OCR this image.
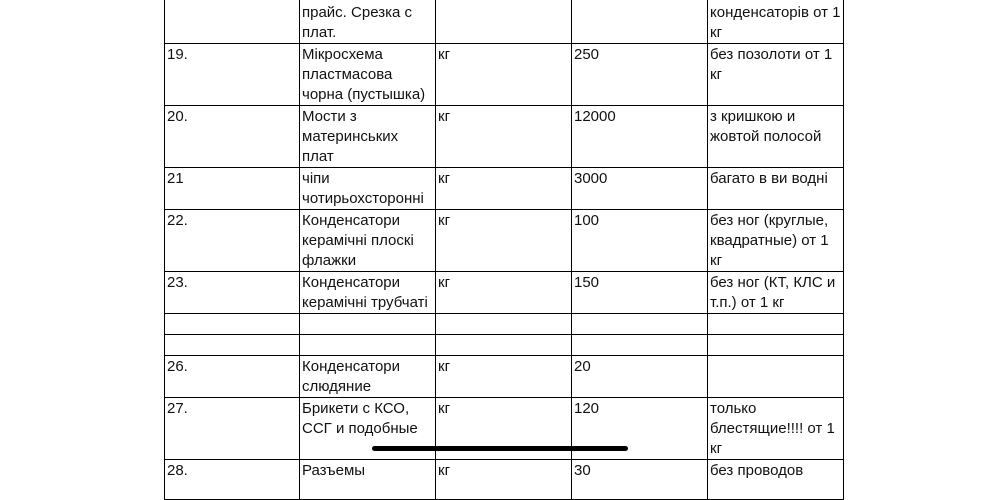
	прайс. Срезка с плат.			конденсаторів от 1 кг

19.	Мікросхема пластмасова чорна (пустышка)	кг	250	без позолоти от 1 кг
20.	Мости з материнських плат	кг	12000	з кришкою и жовтой полосой
21	чіпи чотирьохсторонні	кг	3000	багато в ви водні
22.	Конденсатори керамічні плоскі флажки	кг	100	без ног (круглые, квадратные) от 1 кг
23.	Конденсатори керамічні трубчаті	кг	150	без ног (КТ, КЛС и т.п.) от 1 кг

26.	Конденсатори слюдяние	кг	20	
27.	Брикети с КСО, ССГ и подобные	кг	120	только блестящие!!!! от 1 кг
28.	Разъемы	кг	30	без проводов
